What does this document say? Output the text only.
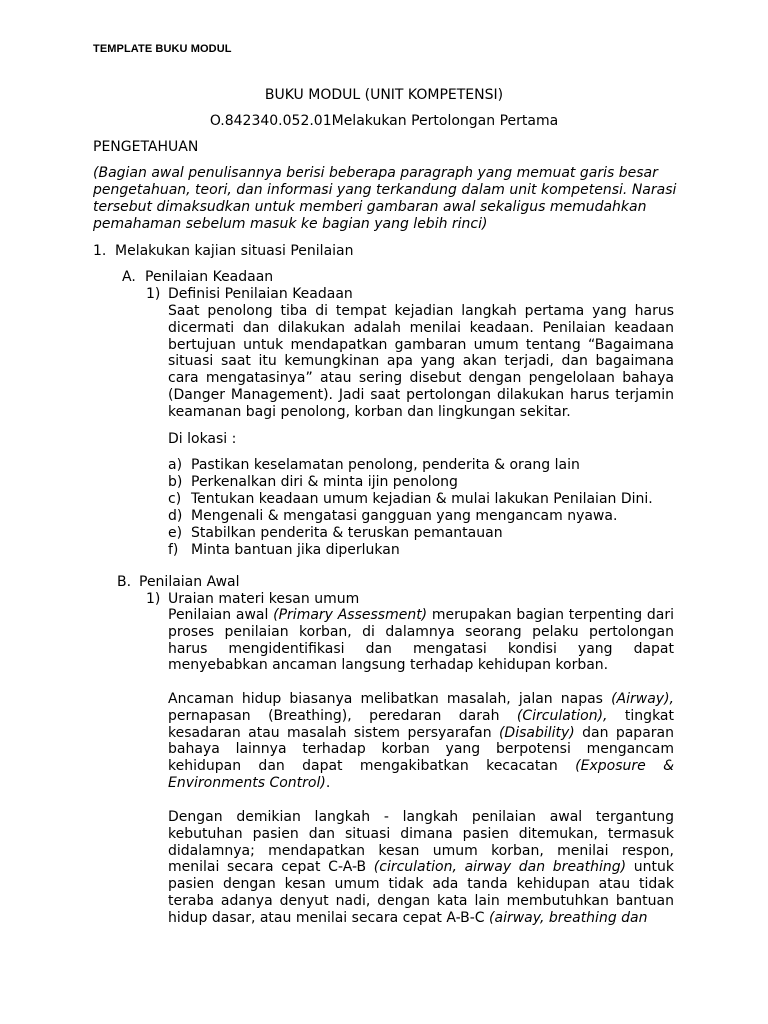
TEMPLATE BUKU MODUL
BUKU MODUL (UNIT KOMPETENSI)
O.842340.052.01Melakukan Pertolongan Pertama
PENGETAHUAN

(Bagian awal penulisannya berisi beberapa paragraph yang memuat garis besar pengetahuan, teori, dan informasi yang terkandung dalam unit kompetensi. Narasi tersebut dimaksudkan untuk memberi gambaran awal sekaligus memudahkan pemahaman sebelum masuk ke bagian yang lebih rinci)

1. Melakukan kajian situasi Penilaian
A. Penilaian Keadaan
1) Definisi Penilaian Keadaan

Saat penolong tiba di tempat kejadian langkah pertama yang harus dicermati dan dilakukan adalah menilai keadaan. Penilaian keadaan bertujuan untuk mendapatkan gambaran umum tentang “Bagaimana situasi saat itu kemungkinan apa yang akan terjadi, dan bagaimana cara mengatasinya” atau sering disebut dengan pengelolaan bahaya (Danger Management). Jadi saat pertolongan dilakukan harus terjamin keamanan bagi penolong, korban dan lingkungan sekitar.

Di lokasi :
a) Pastikan keselamatan penolong, penderita & orang lain
b) Perkenalkan diri & minta ijin penolong
c) Tentukan keadaan umum kejadian & mulai lakukan Penilaian Dini.
d) Mengenali & mengatasi gangguan yang mengancam nyawa.
e) Stabilkan penderita & teruskan pemantauan
f) Minta bantuan jika diperlukan
B. Penilaian Awal
1) Uraian materi kesan umum

Penilaian awal (Primary Assessment) merupakan bagian terpenting dari proses penilaian korban, di dalamnya seorang pelaku pertolongan harus mengidentifikasi dan mengatasi kondisi yang dapat menyebabkan ancaman langsung terhadap kehidupan korban.

Ancaman hidup biasanya melibatkan masalah, jalan napas (Airway), pernapasan (Breathing), peredaran darah (Circulation), tingkat kesadaran atau masalah sistem persyarafan (Disability) dan paparan bahaya lainnya terhadap korban yang berpotensi mengancam kehidupan dan dapat mengakibatkan kecacatan (Exposure & Environments Control).

Dengan demikian langkah - langkah penilaian awal tergantung kebutuhan pasien dan situasi dimana pasien ditemukan, termasuk didalamnya; mendapatkan kesan umum korban, menilai respon, menilai secara cepat C-A-B (circulation, airway dan breathing) untuk pasien dengan kesan umum tidak ada tanda kehidupan atau tidak teraba adanya denyut nadi, dengan kata lain membutuhkan bantuan hidup dasar, atau menilai secara cepat A-B-C (airway, breathing dan
